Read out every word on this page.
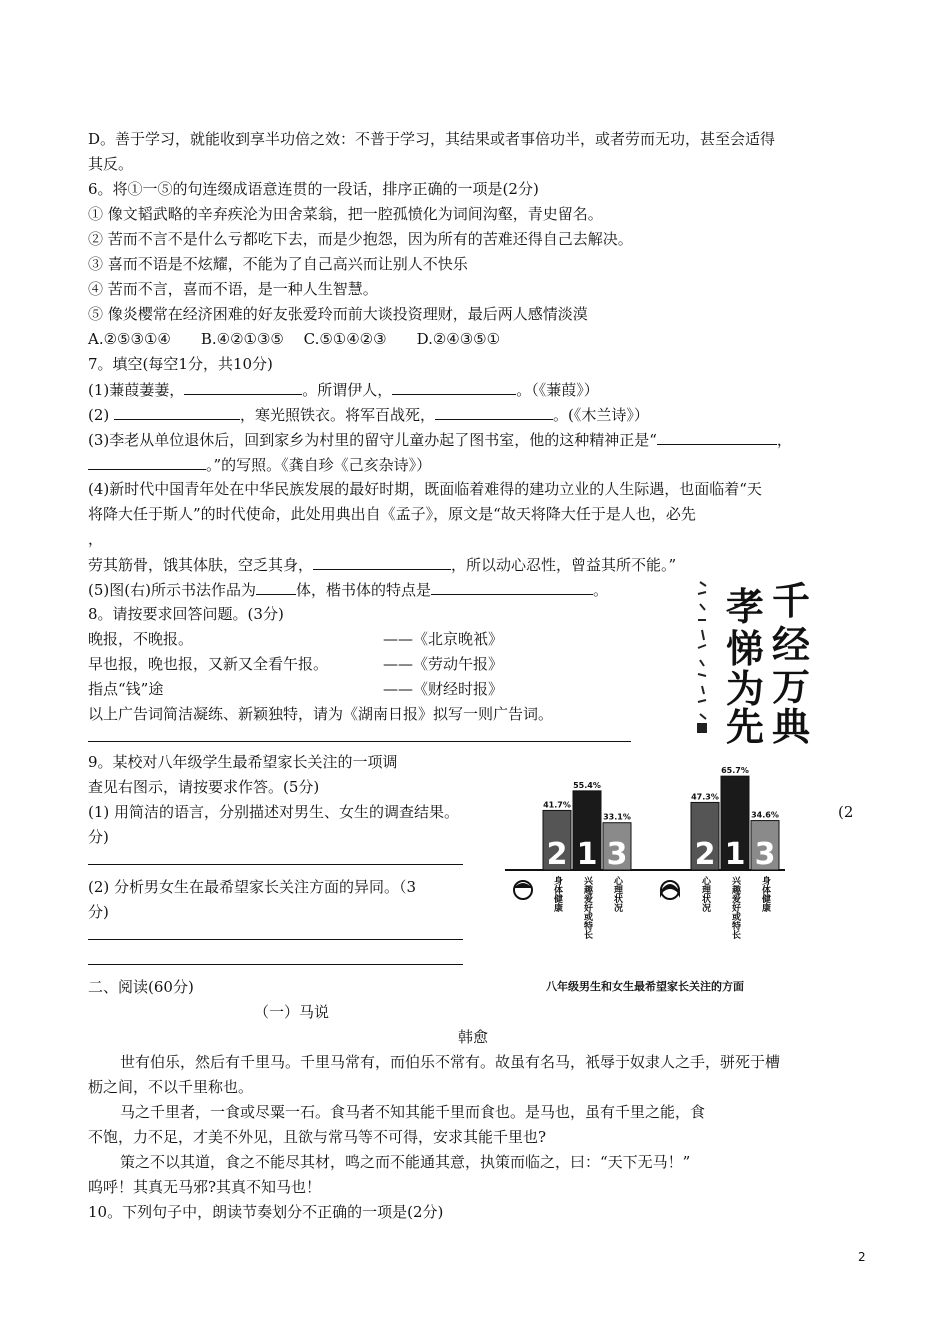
D。善于学习，就能收到享半功倍之效：不普于学习，其结果或者事倍功半，或者劳而无功，甚至会适得
其反。
6。将①一⑤的句连缀成语意连贯的一段话，排序正确的一项是(2分)
① 像文韬武略的辛弃疾沦为田舍菜翁，把一腔孤愤化为词间沟壑，青史留名。
② 苦而不言不是什么亏都吃下去，而是少抱怨，因为所有的苦难还得自己去解决。
③ 喜而不语是不炫耀，不能为了自己高兴而让别人不快乐
④ 苦而不言，喜而不语，是一种人生智慧。
⑤ 像炎樱常在经济困难的好友张爱玲而前大谈投资理财，最后两人感情淡漠
A.②⑤③①④　　B.④②①③⑤　 C.⑤①④②③　　D.②④③⑤①
7。填空(每空1分，共10分)
(1)蒹葭萋萋，	。所谓伊人，	。（《蒹葭》）
(2)	，寒光照铁衣。将军百战死，	。(《木兰诗》）
(3)李老从单位退休后，回到家乡为村里的留守儿童办起了图书室，他的这种精神正是“	，
。”的写照。《龚自珍《己亥杂诗》）
(4)新时代中国青年处在中华民族发展的最好时期，既面临着难得的建功立业的人生际遇，也面临着“天
将降大任于斯人”的时代使命，此处用典出自《孟子》，原文是“故天将降大任于是人也，必先
，
劳其筋骨，饿其体肤，空乏其身，	，所以动心忍性，曾益其所不能。”
(5)图(右)所示书法作品为	体，楷书体的特点是	。	千
经
万
典
孝
悌
为
先
8。请按要求回答问题。(3分)
晚报，不晚报。	——《北京晚衹》
早也报，晚也报，又新又全看午报。	——《劳动午报》
指点“钱”途	——《财经时报》
以上广告词简洁凝练、新颖独特，请为《湖南日报》拟写一则广告词。
9。某校对八年级学生最希望家长关注的一项调
查见右图示，请按要求作答。(5分)
(1) 用简洁的语言，分别描述对男生、女生的调查结果。	(2
分)
(2) 分析男女生在最希望家长关注方面的异同。（3
分)
2
41.7%
身体健康
1
55.4%
兴趣爱好或特长
3
33.1%
心理状况
2
47.3%
心理状况
1
65.7%
兴趣爱好或特长
3
34.6%
身体健康
八年级男生和女生最希望家长关注的方面
二、阅读(60分)
（一）马说
韩愈
世有伯乐，然后有千里马。千里马常有，而伯乐不常有。故虽有名马，衹辱于奴隶人之手，骈死于槽
枥之间，不以千里称也。
马之千里者，一食或尽粟一石。食马者不知其能千里而食也。是马也，虽有千里之能，食
不饱，力不足，才美不外见，且欲与常马等不可得，安求其能千里也?
策之不以其道，食之不能尽其材，鸣之而不能通其意，执策而临之，曰：“天下无马！”
呜呼！其真无马邪?其真不知马也！
10。下列句子中，朗读节奏划分不正确的一项是(2分)
2
